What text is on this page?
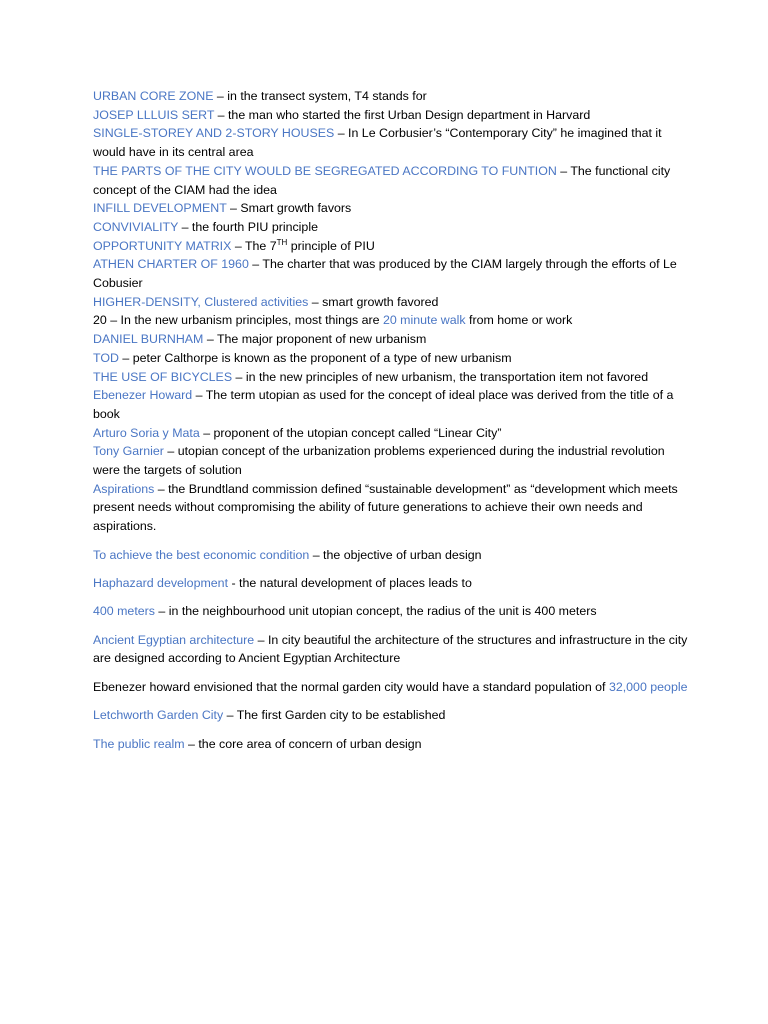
URBAN CORE ZONE – in the transect system, T4 stands for

JOSEP LLLUIS SERT – the man who started the first Urban Design department in Harvard

SINGLE-STOREY AND 2-STORY HOUSES – In Le Corbusier’s “Contemporary City” he imagined that it would have in its central area

THE PARTS OF THE CITY WOULD BE SEGREGATED ACCORDING TO FUNTION – The functional city concept of the CIAM had the idea

INFILL DEVELOPMENT – Smart growth favors

CONVIVIALITY – the fourth PIU principle

OPPORTUNITY MATRIX – The 7TH principle of PIU

ATHEN CHARTER OF 1960 – The charter that was produced by the CIAM largely through the efforts of Le Cobusier

HIGHER-DENSITY, Clustered activities – smart growth favored

20 – In the new urbanism principles, most things are 20 minute walk from home or work

DANIEL BURNHAM – The major proponent of new urbanism

TOD – peter Calthorpe is known as the proponent of a type of new urbanism

THE USE OF BICYCLES – in the new principles of new urbanism, the transportation item not favored

Ebenezer Howard – The term utopian as used for the concept of ideal place was derived from the title of a book

Arturo Soria y Mata – proponent of the utopian concept called “Linear City”

Tony Garnier – utopian concept of the urbanization problems experienced during the industrial revolution were the targets of solution

Aspirations – the Brundtland commission defined “sustainable development” as “development which meets present needs without compromising the ability of future generations to achieve their own needs and aspirations.

To achieve the best economic condition – the objective of urban design

Haphazard development - the natural development of places leads to

400 meters – in the neighbourhood unit utopian concept, the radius of the unit is 400 meters

Ancient Egyptian architecture – In city beautiful the architecture of the structures and infrastructure in the city are designed according to Ancient Egyptian Architecture

Ebenezer howard envisioned that the normal garden city would have a standard population of 32,000 people

Letchworth Garden City – The first Garden city to be established

The public realm – the core area of concern of urban design
